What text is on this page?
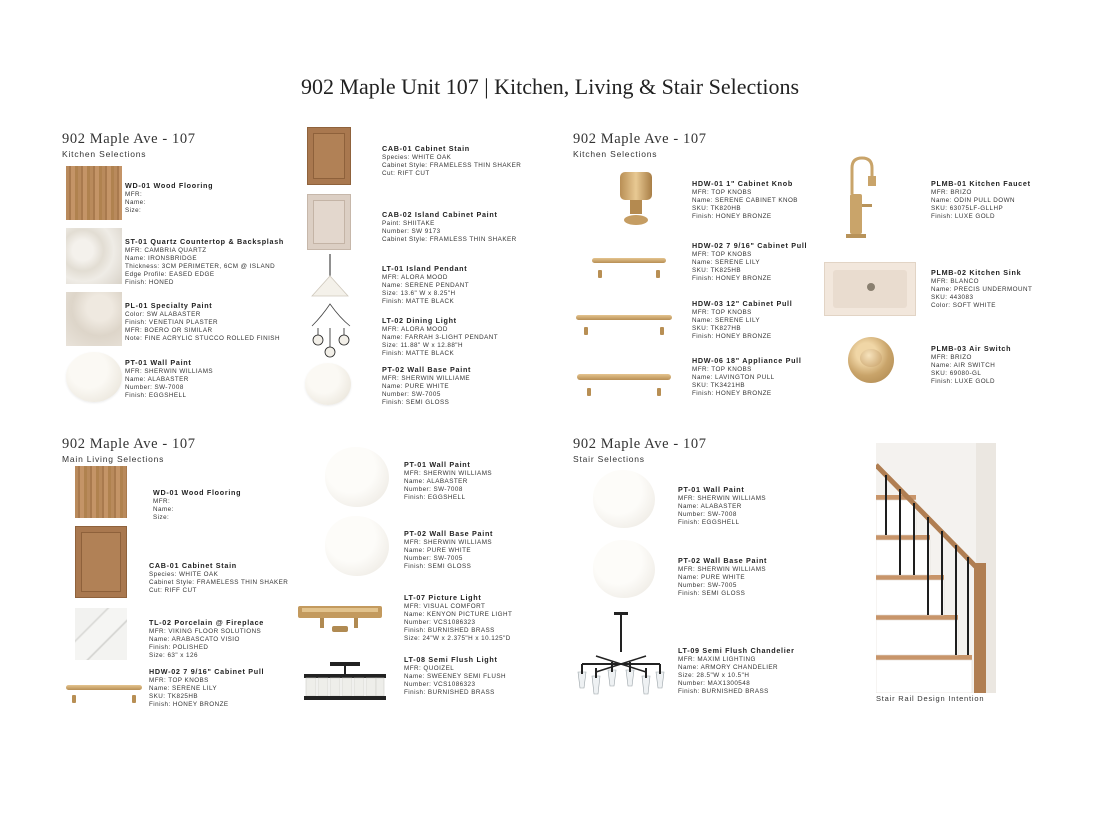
902 Maple Unit 107 | Kitchen, Living & Stair Selections
902 Maple Ave - 107
Kitchen Selections
902 Maple Ave - 107
Kitchen Selections
902 Maple Ave - 107
Main Living Selections
902 Maple Ave - 107
Stair Selections
WD-01 Wood Flooring
MFR:
Name:
Size:
ST-01 Quartz Countertop & Backsplash
MFR: CAMBRIA QUARTZ
Name: IRONSBRIDGE
Thickness: 3CM PERIMETER, 6CM @ ISLAND
Edge Profile: EASED EDGE
Finish: HONED
PL-01 Specialty Paint
Color: SW ALABASTER
Finish: VENETIAN PLASTER
MFR: BOERO OR SIMILAR
Note: FINE ACRYLIC STUCCO ROLLED FINISH
PT-01 Wall Paint
MFR: SHERWIN WILLIAMS
Name: ALABASTER
Number: SW-7008
Finish: EGGSHELL
CAB-01 Cabinet Stain
Species: WHITE OAK
Cabinet Style: FRAMELESS THIN SHAKER
Cut: RIFT CUT
CAB-02 Island Cabinet Paint
Paint: SHIITAKE
Number: SW 9173
Cabinet Style: FRAMLESS THIN SHAKER
LT-01 Island Pendant
MFR: ALORA MOOD
Name: SERENE PENDANT
Size: 13.6" W x 8.25"H
Finish: MATTE BLACK
LT-02 Dining Light
MFR: ALORA MOOD
Name: FARRAH 3-LIGHT PENDANT
Size: 11.88" W x 12.88"H
Finish: MATTE BLACK
PT-02 Wall Base Paint
MFR: SHERWIN WILLIAME
Name: PURE WHITE
Number: SW-7005
Finish: SEMI GLOSS
HDW-01 1" Cabinet Knob
MFR: TOP KNOBS
Name: SERENE CABINET KNOB
SKU: TK820HB
Finish: HONEY BRONZE
HDW-02 7 9/16" Cabinet Pull
MFR: TOP KNOBS
Name: SERENE LILY
SKU: TK825HB
Finish: HONEY BRONZE
HDW-03 12" Cabinet Pull
MFR: TOP KNOBS
Name: SERENE LILY
SKU: TK827HB
Finish: HONEY BRONZE
HDW-06 18" Appliance Pull
MFR: TOP KNOBS
Name: LAVINGTON PULL
SKU: TK3421HB
Finish: HONEY BRONZE
PLMB-01 Kitchen Faucet
MFR: BRIZO
Name: ODIN PULL DOWN
SKU: 63075LF-GLLHP
Finish: LUXE GOLD
PLMB-02 Kitchen Sink
MFR: BLANCO
Name: PRECIS UNDERMOUNT
SKU: 443083
Color: SOFT WHITE
PLMB-03 Air Switch
MFR: BRIZO
Name: AIR SWITCH
SKU: 69080-GL
Finish: LUXE GOLD
WD-01 Wood Flooring
MFR:
Name:
Size:
CAB-01 Cabinet Stain
Species: WHITE OAK
Cabinet Style: FRAMELESS THIN SHAKER
Cut: RIFF CUT
TL-02 Porcelain @ Fireplace
MFR: VIKING FLOOR SOLUTIONS
Name: ARABASCATO VISIO
Finish: POLISHED
Size: 63" x 126
HDW-02 7 9/16" Cabinet Pull
MFR: TOP KNOBS
Name: SERENE LILY
SKU: TK825HB
Finish: HONEY BRONZE
PT-01 Wall Paint
MFR: SHERWIN WILLIAMS
Name: ALABASTER
Number: SW-7008
Finish: EGGSHELL
PT-02 Wall Base Paint
MFR: SHERWIN WILLIAMS
Name: PURE WHITE
Number: SW-7005
Finish: SEMI GLOSS
LT-07 Picture Light
MFR: VISUAL COMFORT
Name: KENYON PICTURE LIGHT
Number: VCS1086323
Finish: BURNISHED BRASS
Size: 24"W x 2.375"H x 10.125"D
LT-08 Semi Flush Light
MFR: QUOIZEL
Name: SWEENEY SEMI FLUSH
Number: VCS1086323
Finish: BURNISHED BRASS
PT-01 Wall Paint
MFR: SHERWIN WILLIAMS
Name: ALABASTER
Number: SW-7008
Finish: EGGSHELL
PT-02 Wall Base Paint
MFR: SHERWIN WILLIAMS
Name: PURE WHITE
Number: SW-7005
Finish: SEMI GLOSS
LT-09 Semi Flush Chandelier
MFR: MAXIM LIGHTING
Name: ARMORY CHANDELIER
Size: 28.5"W x 10.5"H
Number: MAX1300548
Finish: BURNISHED BRASS
Stair Rail Design Intention
